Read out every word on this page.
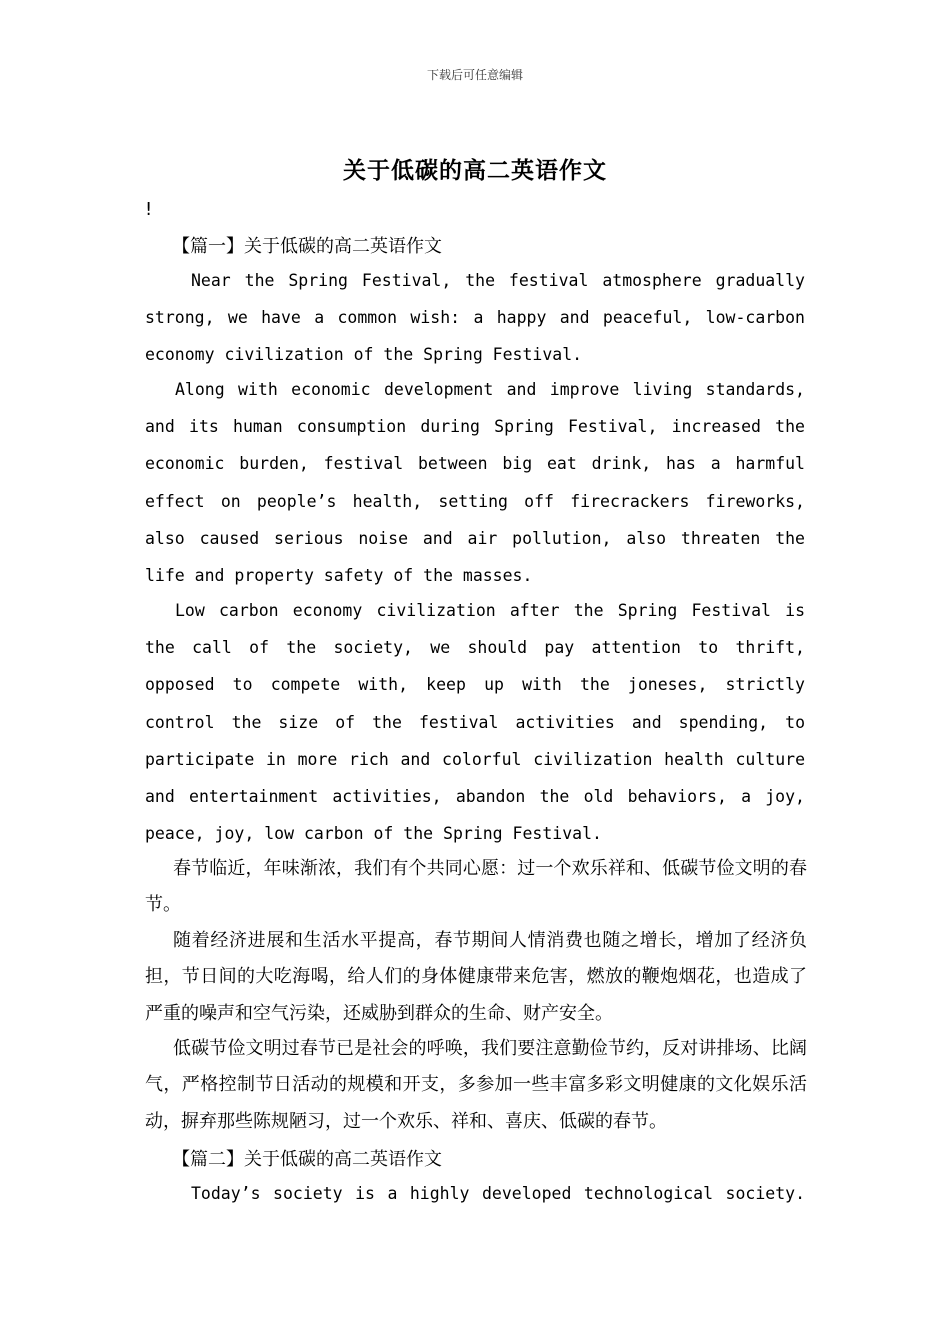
下载后可任意编辑
关于低碳的高二英语作文
!
【篇一】关于低碳的高二英语作文
Near the Spring Festival, the festival atmosphere gradually strong, we have a common wish: a happy and peaceful, low-carbon economy civilization of the Spring Festival.
Along with economic development and improve living standards, and its human consumption during Spring Festival, increased the economic burden, festival between big eat drink, has a harmful effect on people’s health, setting off firecrackers fireworks, also caused serious noise and air pollution, also threaten the life and property safety of the masses.
Low carbon economy civilization after the Spring Festival is the call of the society, we should pay attention to thrift, opposed to compete with, keep up with the joneses, strictly control the size of the festival activities and spending, to participate in more rich and colorful civilization health culture and entertainment activities, abandon the old behaviors, a joy, peace, joy, low carbon of the Spring Festival.
春节临近，年味渐浓，我们有个共同心愿：过一个欢乐祥和、低碳节俭文明的春节。
随着经济进展和生活水平提高，春节期间人情消费也随之增长，增加了经济负担，节日间的大吃海喝，给人们的身体健康带来危害，燃放的鞭炮烟花，也造成了严重的噪声和空气污染，还威胁到群众的生命、财产安全。
低碳节俭文明过春节已是社会的呼唤，我们要注意勤俭节约，反对讲排场、比阔气，严格控制节日活动的规模和开支，多参加一些丰富多彩文明健康的文化娱乐活动，摒弃那些陈规陋习，过一个欢乐、祥和、喜庆、低碳的春节。
【篇二】关于低碳的高二英语作文
Today’s society is a highly developed technological society.
